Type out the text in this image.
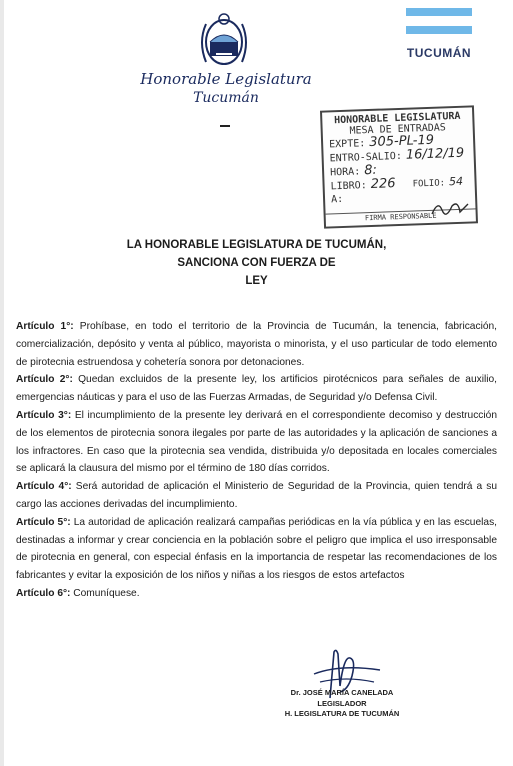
Honorable Legislatura
Tucumán
TUCUMÁN
HONORABLE LEGISLATURA
MESA DE ENTRADAS
EXPTE: 305-PL-19
ENTRO-SALIO: 16/12/19
HORA: 8:
LIBRO: 226 FOLIO: 54
A:
FIRMA RESPONSABLE
LA HONORABLE LEGISLATURA DE TUCUMÁN,
SANCIONA CON FUERZA DE
LEY

Artículo 1°: Prohíbase, en todo el territorio de la Provincia de Tucumán, la tenencia, fabricación, comercialización, depósito y venta al público, mayorista o minorista, y el uso particular de todo elemento de pirotecnia estruendosa y cohetería sonora por detonaciones.

Artículo 2°: Quedan excluidos de la presente ley, los artificios pirotécnicos para señales de auxilio, emergencias náuticas y para el uso de las Fuerzas Armadas, de Seguridad y/o Defensa Civil.

Artículo 3°: El incumplimiento de la presente ley derivará en el correspondiente decomiso y destrucción de los elementos de pirotecnia sonora ilegales por parte de las autoridades y la aplicación de sanciones a los infractores. En caso que la pirotecnia sea vendida, distribuida y/o depositada en locales comerciales se aplicará la clausura del mismo por el término de 180 días corridos.

Artículo 4°: Será autoridad de aplicación el Ministerio de Seguridad de la Provincia, quien tendrá a su cargo las acciones derivadas del incumplimiento.

Artículo 5°: La autoridad de aplicación realizará campañas periódicas en la vía pública y en las escuelas, destinadas a informar y crear conciencia en la población sobre el peligro que implica el uso irresponsable de pirotecnia en general, con especial énfasis en la importancia de respetar las recomendaciones de los fabricantes y evitar la exposición de los niños y niñas a los riesgos de estos artefactos

Artículo 6°: Comuníquese.

Dr. JOSÉ MARÍA CANELADA
LEGISLADOR
H. LEGISLATURA DE TUCUMÁN
